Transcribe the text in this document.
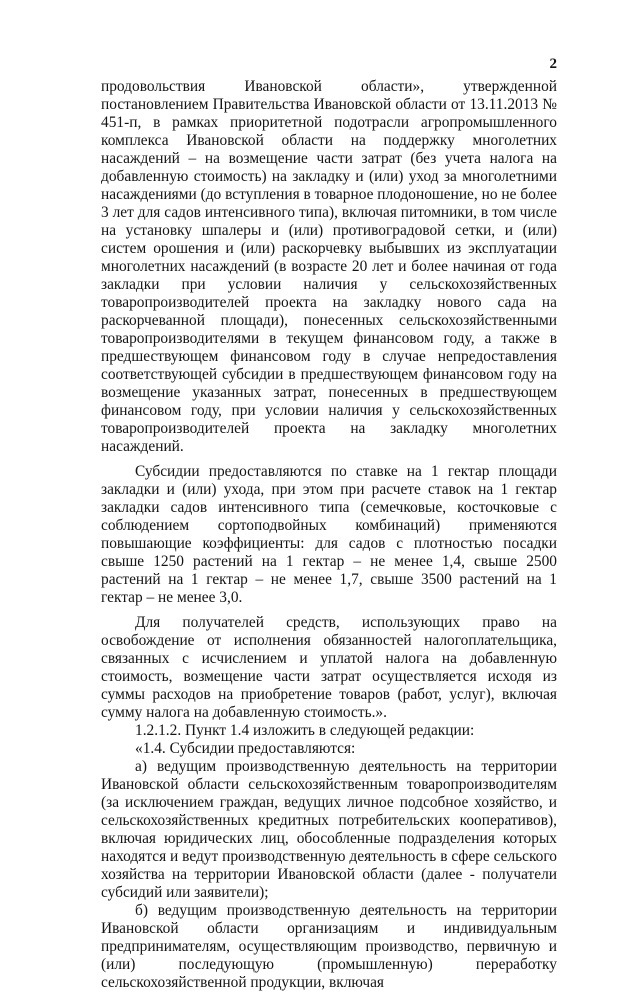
2

продовольствия Ивановской области», утвержденной постановлением Правительства Ивановской области от 13.11.2013 № 451-п, в рамках приоритетной подотрасли агропромышленного комплекса Ивановской области на поддержку многолетних насаждений – на возмещение части затрат (без учета налога на добавленную стоимость) на закладку и (или) уход за многолетними насаждениями (до вступления в товарное плодоношение, но не более 3 лет для садов интенсивного типа), включая питомники, в том числе на установку шпалеры и (или) противоградовой сетки, и (или) систем орошения и (или) раскорчевку выбывших из эксплуатации многолетних насаждений (в возрасте 20 лет и более начиная от года закладки при условии наличия у сельскохозяйственных товаропроизводителей проекта на закладку нового сада на раскорчеванной площади), понесенных сельскохозяйственными товаропроизводителями в текущем финансовом году, а также в предшествующем финансовом году в случае непредоставления соответствующей субсидии в предшествующем финансовом году на возмещение указанных затрат, понесенных в предшествующем финансовом году, при условии наличия у сельскохозяйственных товаропроизводителей проекта на закладку многолетних насаждений.

Субсидии предоставляются по ставке на 1 гектар площади закладки и (или) ухода, при этом при расчете ставок на 1 гектар закладки садов интенсивного типа (семечковые, косточковые с соблюдением сортоподвойных комбинаций) применяются повышающие коэффициенты: для садов с плотностью посадки свыше 1250 растений на 1 гектар – не менее 1,4, свыше 2500 растений на 1 гектар – не менее 1,7, свыше 3500 растений на 1 гектар – не менее 3,0.

Для получателей средств, использующих право на освобождение от исполнения обязанностей налогоплательщика, связанных с исчислением и уплатой налога на добавленную стоимость, возмещение части затрат осуществляется исходя из суммы расходов на приобретение товаров (работ, услуг), включая сумму налога на добавленную стоимость.».

1.2.1.2. Пункт 1.4 изложить в следующей редакции:

«1.4. Субсидии предоставляются:

а) ведущим производственную деятельность на территории Ивановской области сельскохозяйственным товаропроизводителям (за исключением граждан, ведущих личное подсобное хозяйство, и сельскохозяйственных кредитных потребительских кооперативов), включая юридических лиц, обособленные подразделения которых находятся и ведут производственную деятельность в сфере сельского хозяйства на территории Ивановской области (далее - получатели субсидий или заявители);

б) ведущим производственную деятельность на территории Ивановской области организациям и индивидуальным предпринимателям, осуществляющим производство, первичную и (или) последующую (промышленную) переработку сельскохозяйственной продукции, включая
